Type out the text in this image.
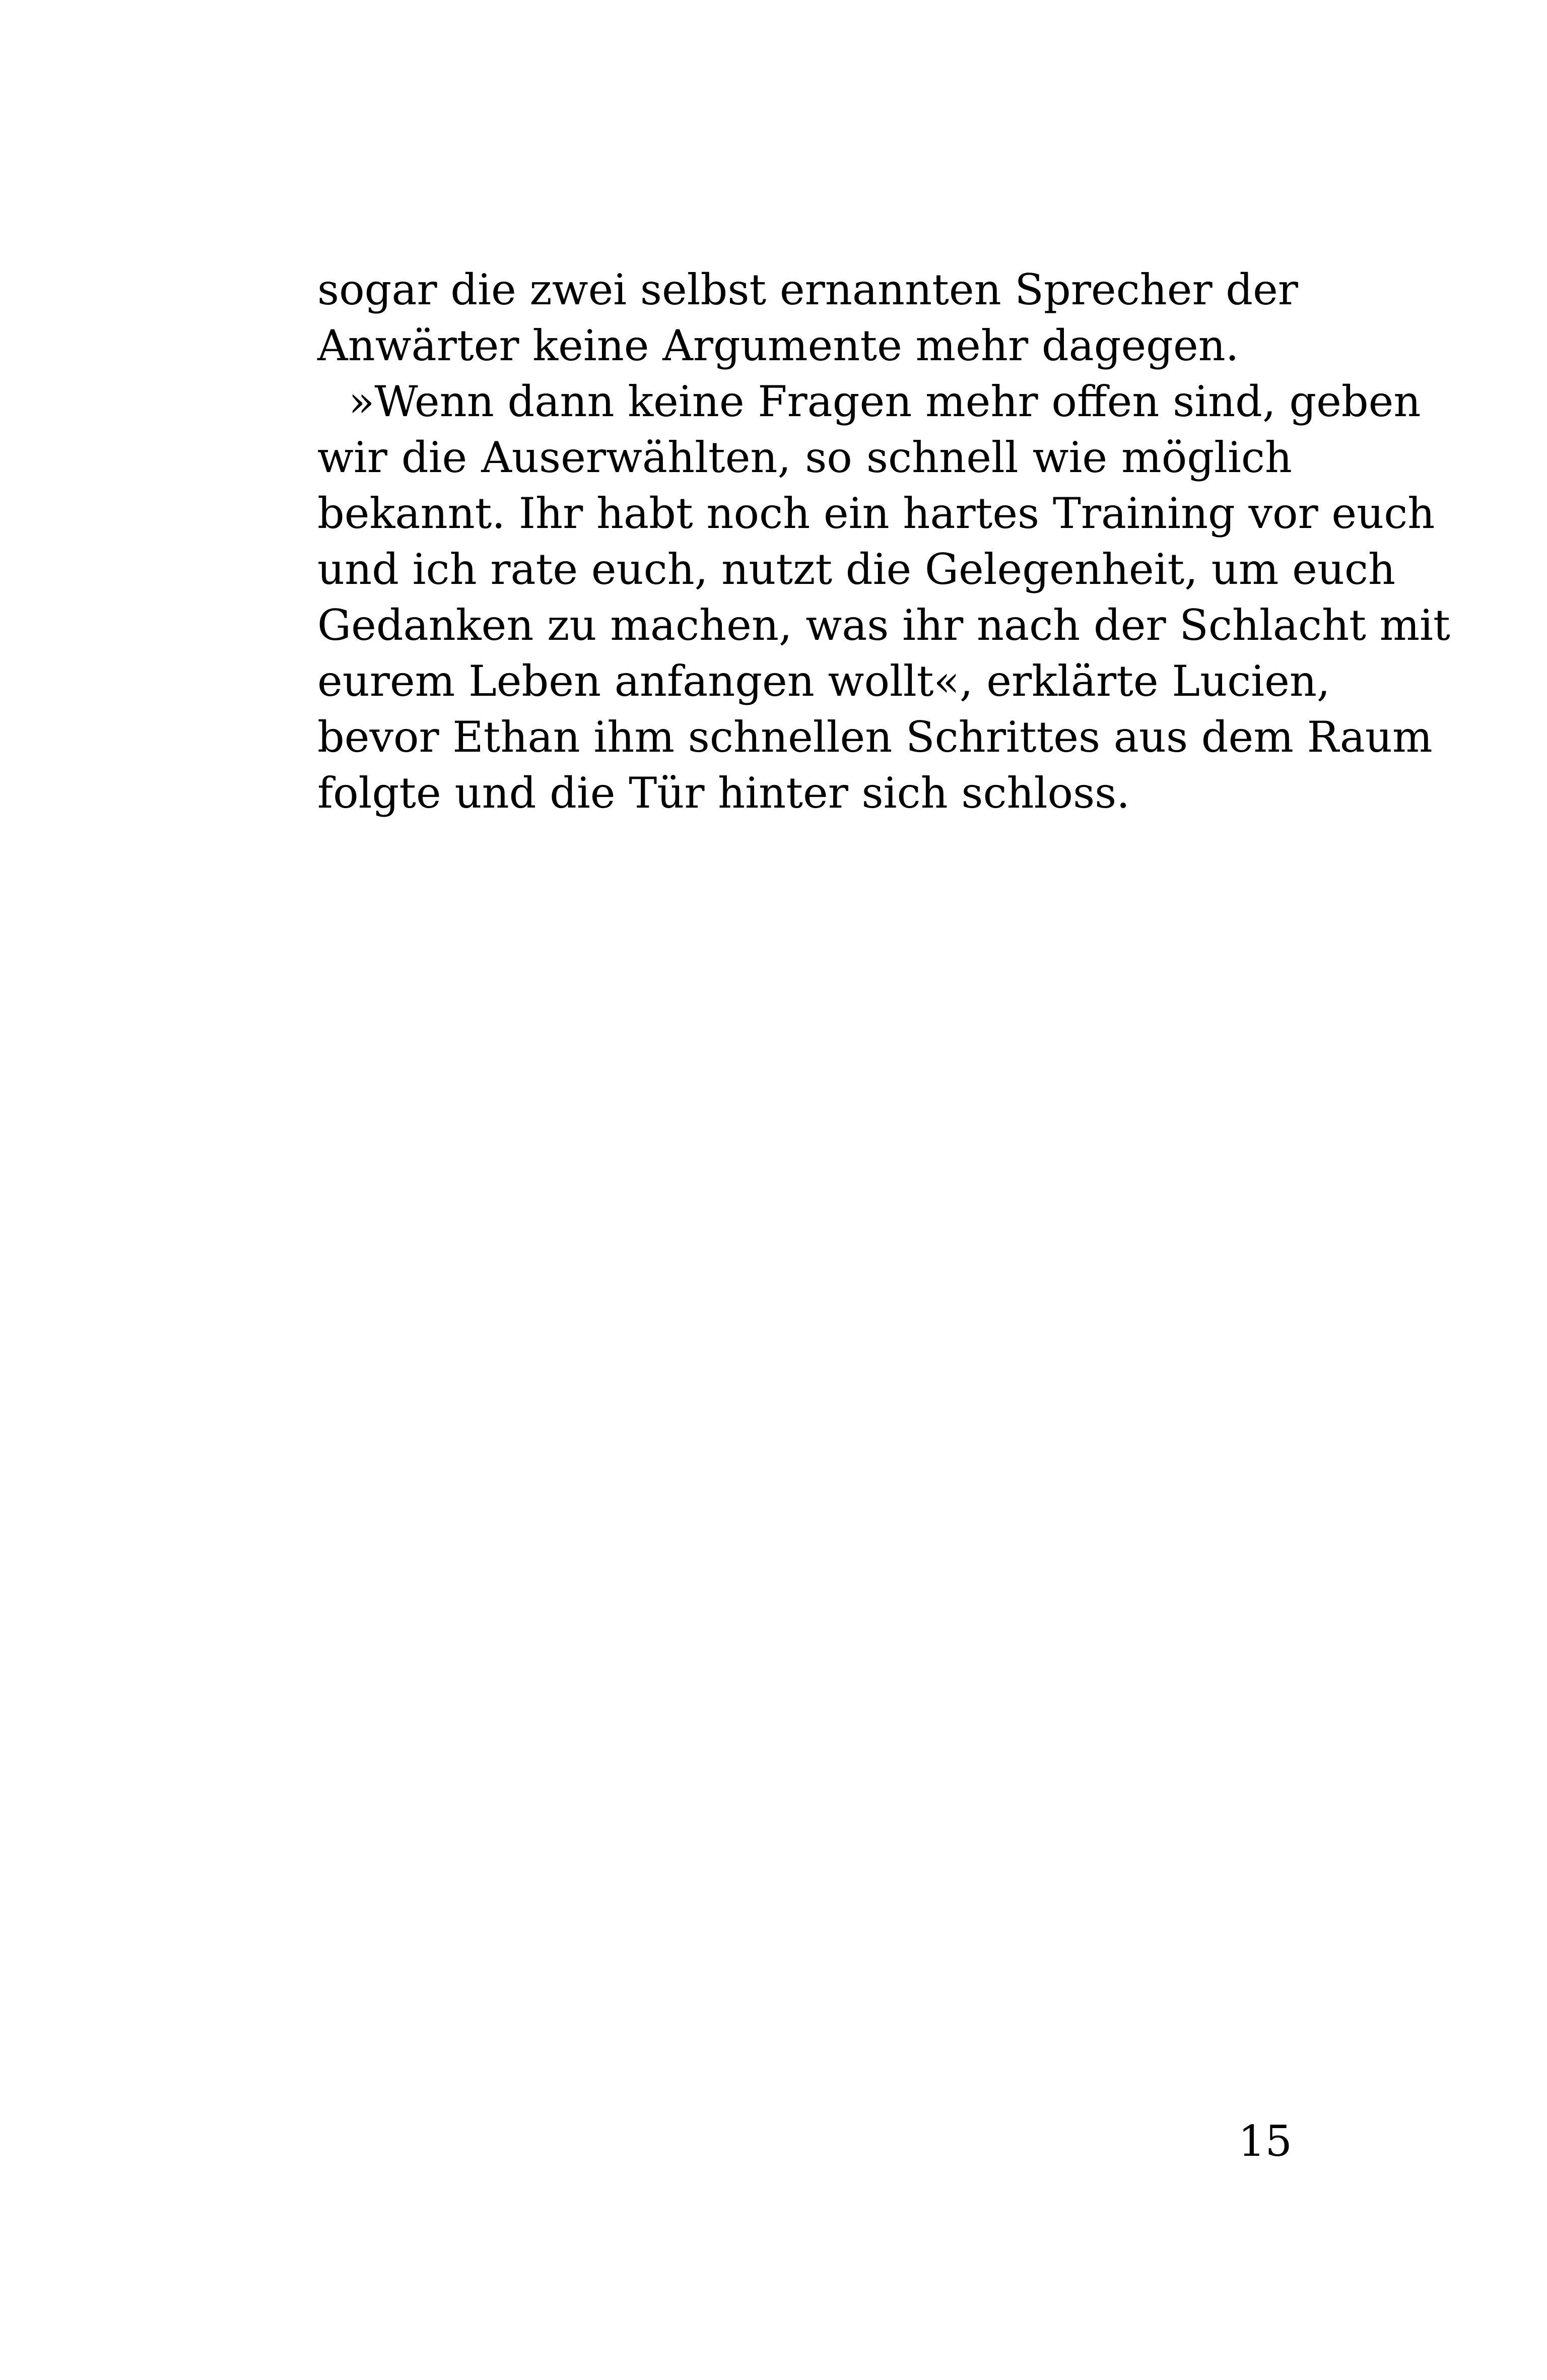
sogar die zwei selbst ernannten Sprecher der
Anwärter keine Argumente mehr dagegen.
»Wenn dann keine Fragen mehr offen sind, geben
wir die Auserwählten, so schnell wie möglich
bekannt. Ihr habt noch ein hartes Training vor euch
und ich rate euch, nutzt die Gelegenheit, um euch
Gedanken zu machen, was ihr nach der Schlacht mit
eurem Leben anfangen wollt«, erklärte Lucien,
bevor Ethan ihm schnellen Schrittes aus dem Raum
folgte und die Tür hinter sich schloss.
15
